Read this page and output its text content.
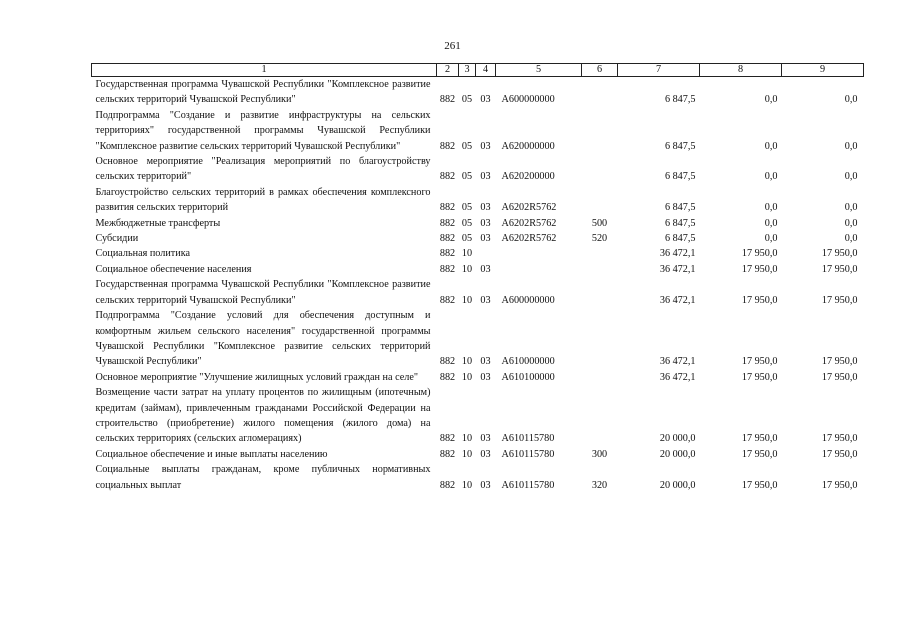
261
1	2	3	4	5	6	7	8	9
Государственная программа Чувашской Республики "Комплексное развитие сельских территорий Чувашской Республики"	882	05	03	А600000000		6 847,5	0,0	0,0
Подпрограмма "Создание и развитие инфраструктуры на сельских территориях" государственной программы Чувашской Республики "Комплексное развитие сельских территорий Чувашской Республики"	882	05	03	А620000000		6 847,5	0,0	0,0
Основное мероприятие "Реализация мероприятий по благоустройству сельских территорий"	882	05	03	А620200000		6 847,5	0,0	0,0
Благоустройство сельских территорий в рамках обеспечения комплексного развития сельских территорий	882	05	03	А6202R5762		6 847,5	0,0	0,0
Межбюджетные трансферты	882	05	03	А6202R5762	500	6 847,5	0,0	0,0
Субсидии	882	05	03	А6202R5762	520	6 847,5	0,0	0,0
Социальная политика	882	10				36 472,1	17 950,0	17 950,0
Социальное обеспечение населения	882	10	03			36 472,1	17 950,0	17 950,0
Государственная программа Чувашской Республики "Комплексное развитие сельских территорий Чувашской Республики"	882	10	03	А600000000		36 472,1	17 950,0	17 950,0
Подпрограмма "Создание условий для обеспечения доступным и комфортным жильем сельского населения" государственной программы Чувашской Республики "Комплексное развитие сельских территорий Чувашской Республики"	882	10	03	А610000000		36 472,1	17 950,0	17 950,0
Основное мероприятие "Улучшение жилищных условий граждан на селе"	882	10	03	А610100000		36 472,1	17 950,0	17 950,0
Возмещение части затрат на уплату процентов по жилищным (ипотечным) кредитам (займам), привлеченным гражданами Российской Федерации на строительство (приобретение) жилого помещения (жилого дома) на сельских территориях (сельских агломерациях)	882	10	03	А610115780		20 000,0	17 950,0	17 950,0
Социальное обеспечение и иные выплаты населению	882	10	03	А610115780	300	20 000,0	17 950,0	17 950,0
Социальные выплаты гражданам, кроме публичных нормативных социальных выплат	882	10	03	А610115780	320	20 000,0	17 950,0	17 950,0
